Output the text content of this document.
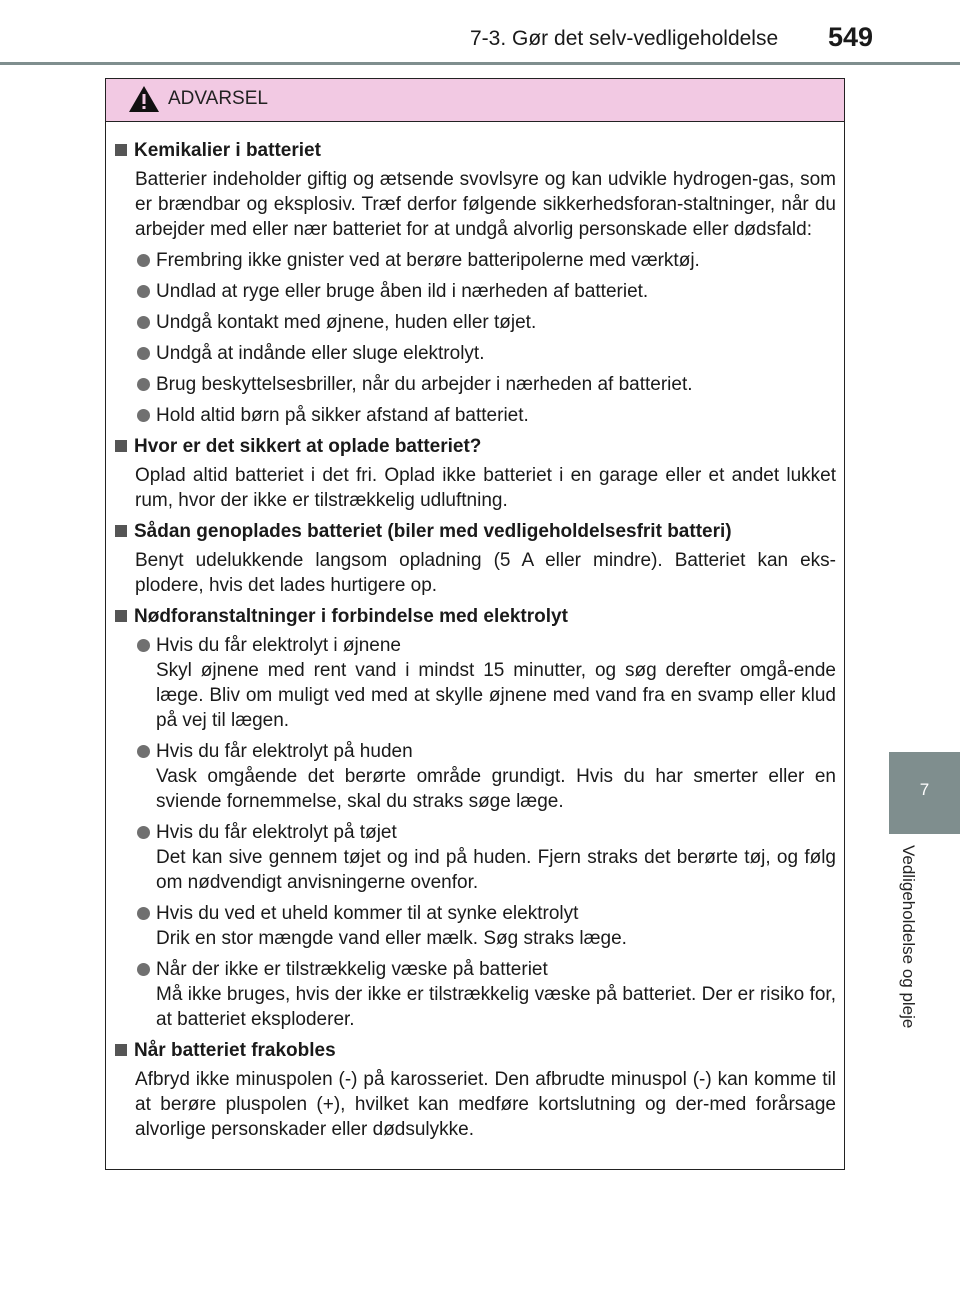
7-3. Gør det selv-vedligeholdelse 549
7
Vedligeholdelse og pleje
ADVARSEL
Kemikalier i batteriet
Batterier indeholder giftig og ætsende svovlsyre og kan udvikle hydrogen-gas, som er brændbar og eksplosiv. Træf derfor følgende sikkerhedsforan-staltninger, når du arbejder med eller nær batteriet for at undgå alvorlig personskade eller dødsfald:
Frembring ikke gnister ved at berøre batteripolerne med værktøj.
Undlad at ryge eller bruge åben ild i nærheden af batteriet.
Undgå kontakt med øjnene, huden eller tøjet.
Undgå at indånde eller sluge elektrolyt.
Brug beskyttelsesbriller, når du arbejder i nærheden af batteriet.
Hold altid børn på sikker afstand af batteriet.
Hvor er det sikkert at oplade batteriet?
Oplad altid batteriet i det fri. Oplad ikke batteriet i en garage eller et andet lukket rum, hvor der ikke er tilstrækkelig udluftning.
Sådan genoplades batteriet (biler med vedligeholdelsesfrit batteri)
Benyt udelukkende langsom opladning (5 A eller mindre). Batteriet kan eks-plodere, hvis det lades hurtigere op.
Nødforanstaltninger i forbindelse med elektrolyt
Hvis du får elektrolyt i øjnene
Skyl øjnene med rent vand i mindst 15 minutter, og søg derefter omgå-ende læge. Bliv om muligt ved med at skylle øjnene med vand fra en svamp eller klud på vej til lægen.
Hvis du får elektrolyt på huden
Vask omgående det berørte område grundigt. Hvis du har smerter eller en sviende fornemmelse, skal du straks søge læge.
Hvis du får elektrolyt på tøjet
Det kan sive gennem tøjet og ind på huden. Fjern straks det berørte tøj, og følg om nødvendigt anvisningerne ovenfor.
Hvis du ved et uheld kommer til at synke elektrolyt
Drik en stor mængde vand eller mælk. Søg straks læge.
Når der ikke er tilstrækkelig væske på batteriet
Må ikke bruges, hvis der ikke er tilstrækkelig væske på batteriet. Der er risiko for, at batteriet eksploderer.
Når batteriet frakobles
Afbryd ikke minuspolen (-) på karosseriet. Den afbrudte minuspol (-) kan komme til at berøre pluspolen (+), hvilket kan medføre kortslutning og der-med forårsage alvorlige personskader eller dødsulykke.
